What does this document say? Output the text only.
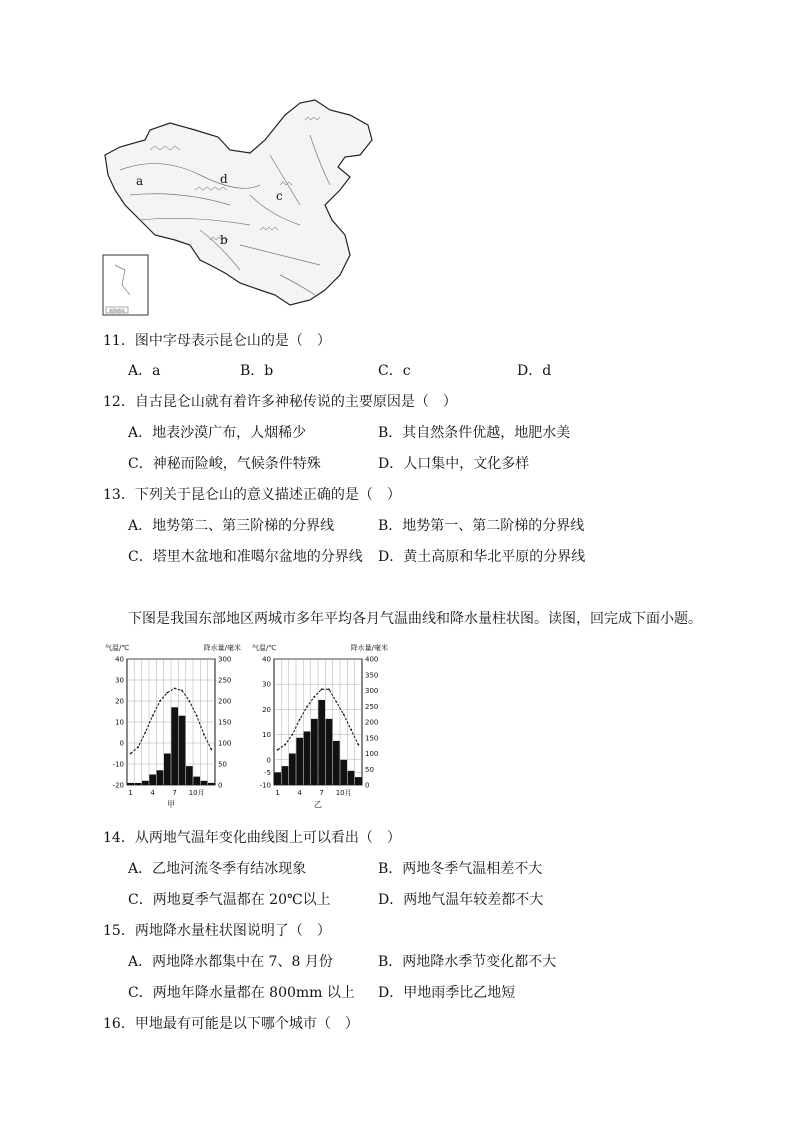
南海诸岛
a
b
c
d
11．图中字母表示昆仑山的是（　）
A．a	B．b	C．c	D．d
12．自古昆仑山就有着许多神秘传说的主要原因是（　）
A．地表沙漠广布，人烟稀少	B．其自然条件优越，地肥水美
C．神秘而险峻，气候条件特殊	D．人口集中，文化多样
13．下列关于昆仑山的意义描述正确的是（　）
A．地势第二、第三阶梯的分界线	B．地势第一、第二阶梯的分界线
C．塔里木盆地和准噶尔盆地的分界线 D．黄土高原和华北平原的分界线
下图是我国东部地区两城市多年平均各月气温曲线和降水量柱状图。读图，回完成下面小题。
气温/℃	降水量/毫米
40
30
20
10
0
-10
-20
300
250
200
150
100
50
0
1	4	7 10月
甲
气温/℃	降水量/毫米
40
30
20
10
0
-5
-10
400
350
300
250
200
150
100
50
0
1	4	7 10月
乙
14．从两地气温年变化曲线图上可以看出（　）
A．乙地河流冬季有结冰现象	B．两地冬季气温相差不大
C．两地夏季气温都在 20℃以上	D．两地气温年较差都不大
15．两地降水量柱状图说明了（　）
A．两地降水都集中在 7、8 月份	B．两地降水季节变化都不大
C．两地年降水量都在 800mm 以上 D．甲地雨季比乙地短
16．甲地最有可能是以下哪个城市（　）
